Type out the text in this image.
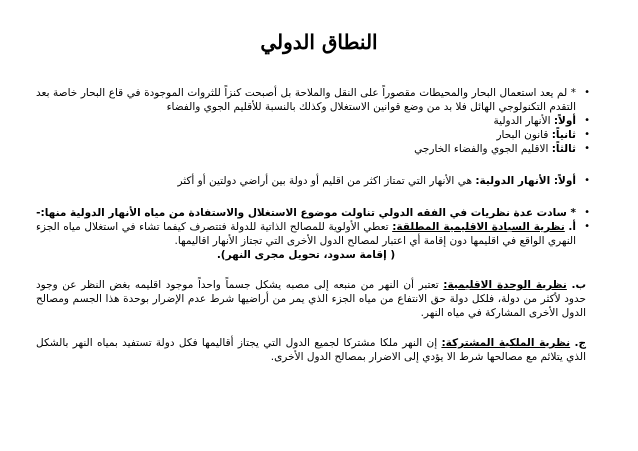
النطاق الدولي
•
* لم يعد استعمال البحار والمحيطات مقصوراً على النقل والملاحة بل أصبحت كنزاً للثروات الموجودة في قاع البحار خاصة بعد التقدم التكنولوجي الهائل فلا بد من وضع قوانين الاستغلال وكذلك بالنسبة للأقليم الجوي والفضاء
•
أولاً: الأنهار الدولية
•
ثانياً: قانون البحار
•
ثالثاً: الاقليم الجوي والفضاء الخارجي
•
أولاً: الأنهار الدولية: هي الأنهار التي تمتاز اكثر من اقليم أو دولة بين أراضي دولتين أو أكثر
•
* سادت عدة نظريات في الفقه الدولي تناولت موضوع الاستغلال والاستفادة من مياه الأنهار الدولية منها:-
•
أ. نظرية السيادة الاقليمية المطلقة: تعطي الأولوية للمصالح الذاتية للدولة فتتصرف كيفما تشاء في استغلال مياه الجزء النهري الواقع في اقليمها دون إقامة أي اعتبار لمصالح الدول الأخرى التي تجتاز الأنهار اقاليمها.
( إقامة سدود، تحويل مجرى النهر).
ب. نظرية الوحدة الاقليمية: تعتبر أن النهر من منبعه إلى مصبه يشكل جسماً واحداً موجود اقليمه بغض النظر عن وجود حدود لأكثر من دولة، فلكل دولة حق الانتفاع من مياه الجزء الذي يمر من أراضيها شرط عدم الإضرار بوحدة هذا الجسم ومصالح الدول الأخرى المشاركة في مياه النهر.
ج. نظرية الملكية المشتركة: إن النهر ملكا مشتركا لجميع الدول التي يجتاز أقاليمها فكل دولة تستفيد بمياه النهر بالشكل الذي يتلائم مع مصالحها شرط الا يؤدي إلى الاضرار بمصالح الدول الأخرى.
